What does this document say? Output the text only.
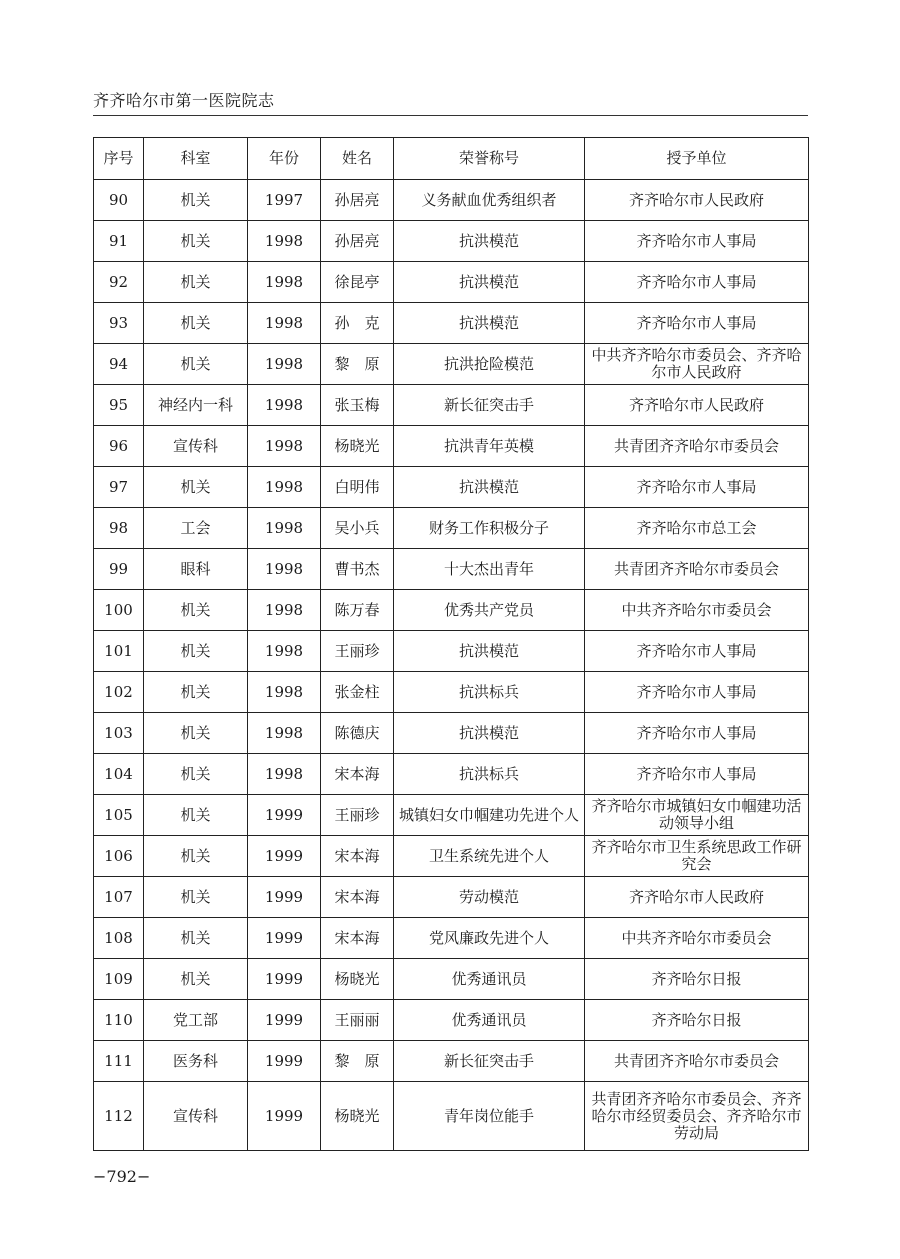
齐齐哈尔市第一医院院志
序号	科室	年份	姓名	荣誉称号	授予单位
90	机关	1997	孙居亮	义务献血优秀组织者	齐齐哈尔市人民政府
91	机关	1998	孙居亮	抗洪模范	齐齐哈尔市人事局
92	机关	1998	徐昆亭	抗洪模范	齐齐哈尔市人事局
93	机关	1998	孙　克	抗洪模范	齐齐哈尔市人事局
94	机关	1998	黎　原	抗洪抢险模范	中共齐齐哈尔市委员会、齐齐哈尔市人民政府
95	神经内一科	1998	张玉梅	新长征突击手	齐齐哈尔市人民政府
96	宣传科	1998	杨晓光	抗洪青年英模	共青团齐齐哈尔市委员会
97	机关	1998	白明伟	抗洪模范	齐齐哈尔市人事局
98	工会	1998	吴小兵	财务工作积极分子	齐齐哈尔市总工会
99	眼科	1998	曹书杰	十大杰出青年	共青团齐齐哈尔市委员会
100	机关	1998	陈万春	优秀共产党员	中共齐齐哈尔市委员会
101	机关	1998	王丽珍	抗洪模范	齐齐哈尔市人事局
102	机关	1998	张金柱	抗洪标兵	齐齐哈尔市人事局
103	机关	1998	陈德庆	抗洪模范	齐齐哈尔市人事局
104	机关	1998	宋本海	抗洪标兵	齐齐哈尔市人事局
105	机关	1999	王丽珍	城镇妇女巾帼建功先进个人	齐齐哈尔市城镇妇女巾帼建功活动领导小组
106	机关	1999	宋本海	卫生系统先进个人	齐齐哈尔市卫生系统思政工作研究会
107	机关	1999	宋本海	劳动模范	齐齐哈尔市人民政府
108	机关	1999	宋本海	党风廉政先进个人	中共齐齐哈尔市委员会
109	机关	1999	杨晓光	优秀通讯员	齐齐哈尔日报
110	党工部	1999	王丽丽	优秀通讯员	齐齐哈尔日报
111	医务科	1999	黎　原	新长征突击手	共青团齐齐哈尔市委员会
112	宣传科	1999	杨晓光	青年岗位能手	共青团齐齐哈尔市委员会、齐齐哈尔市经贸委员会、齐齐哈尔市劳动局
−792−
